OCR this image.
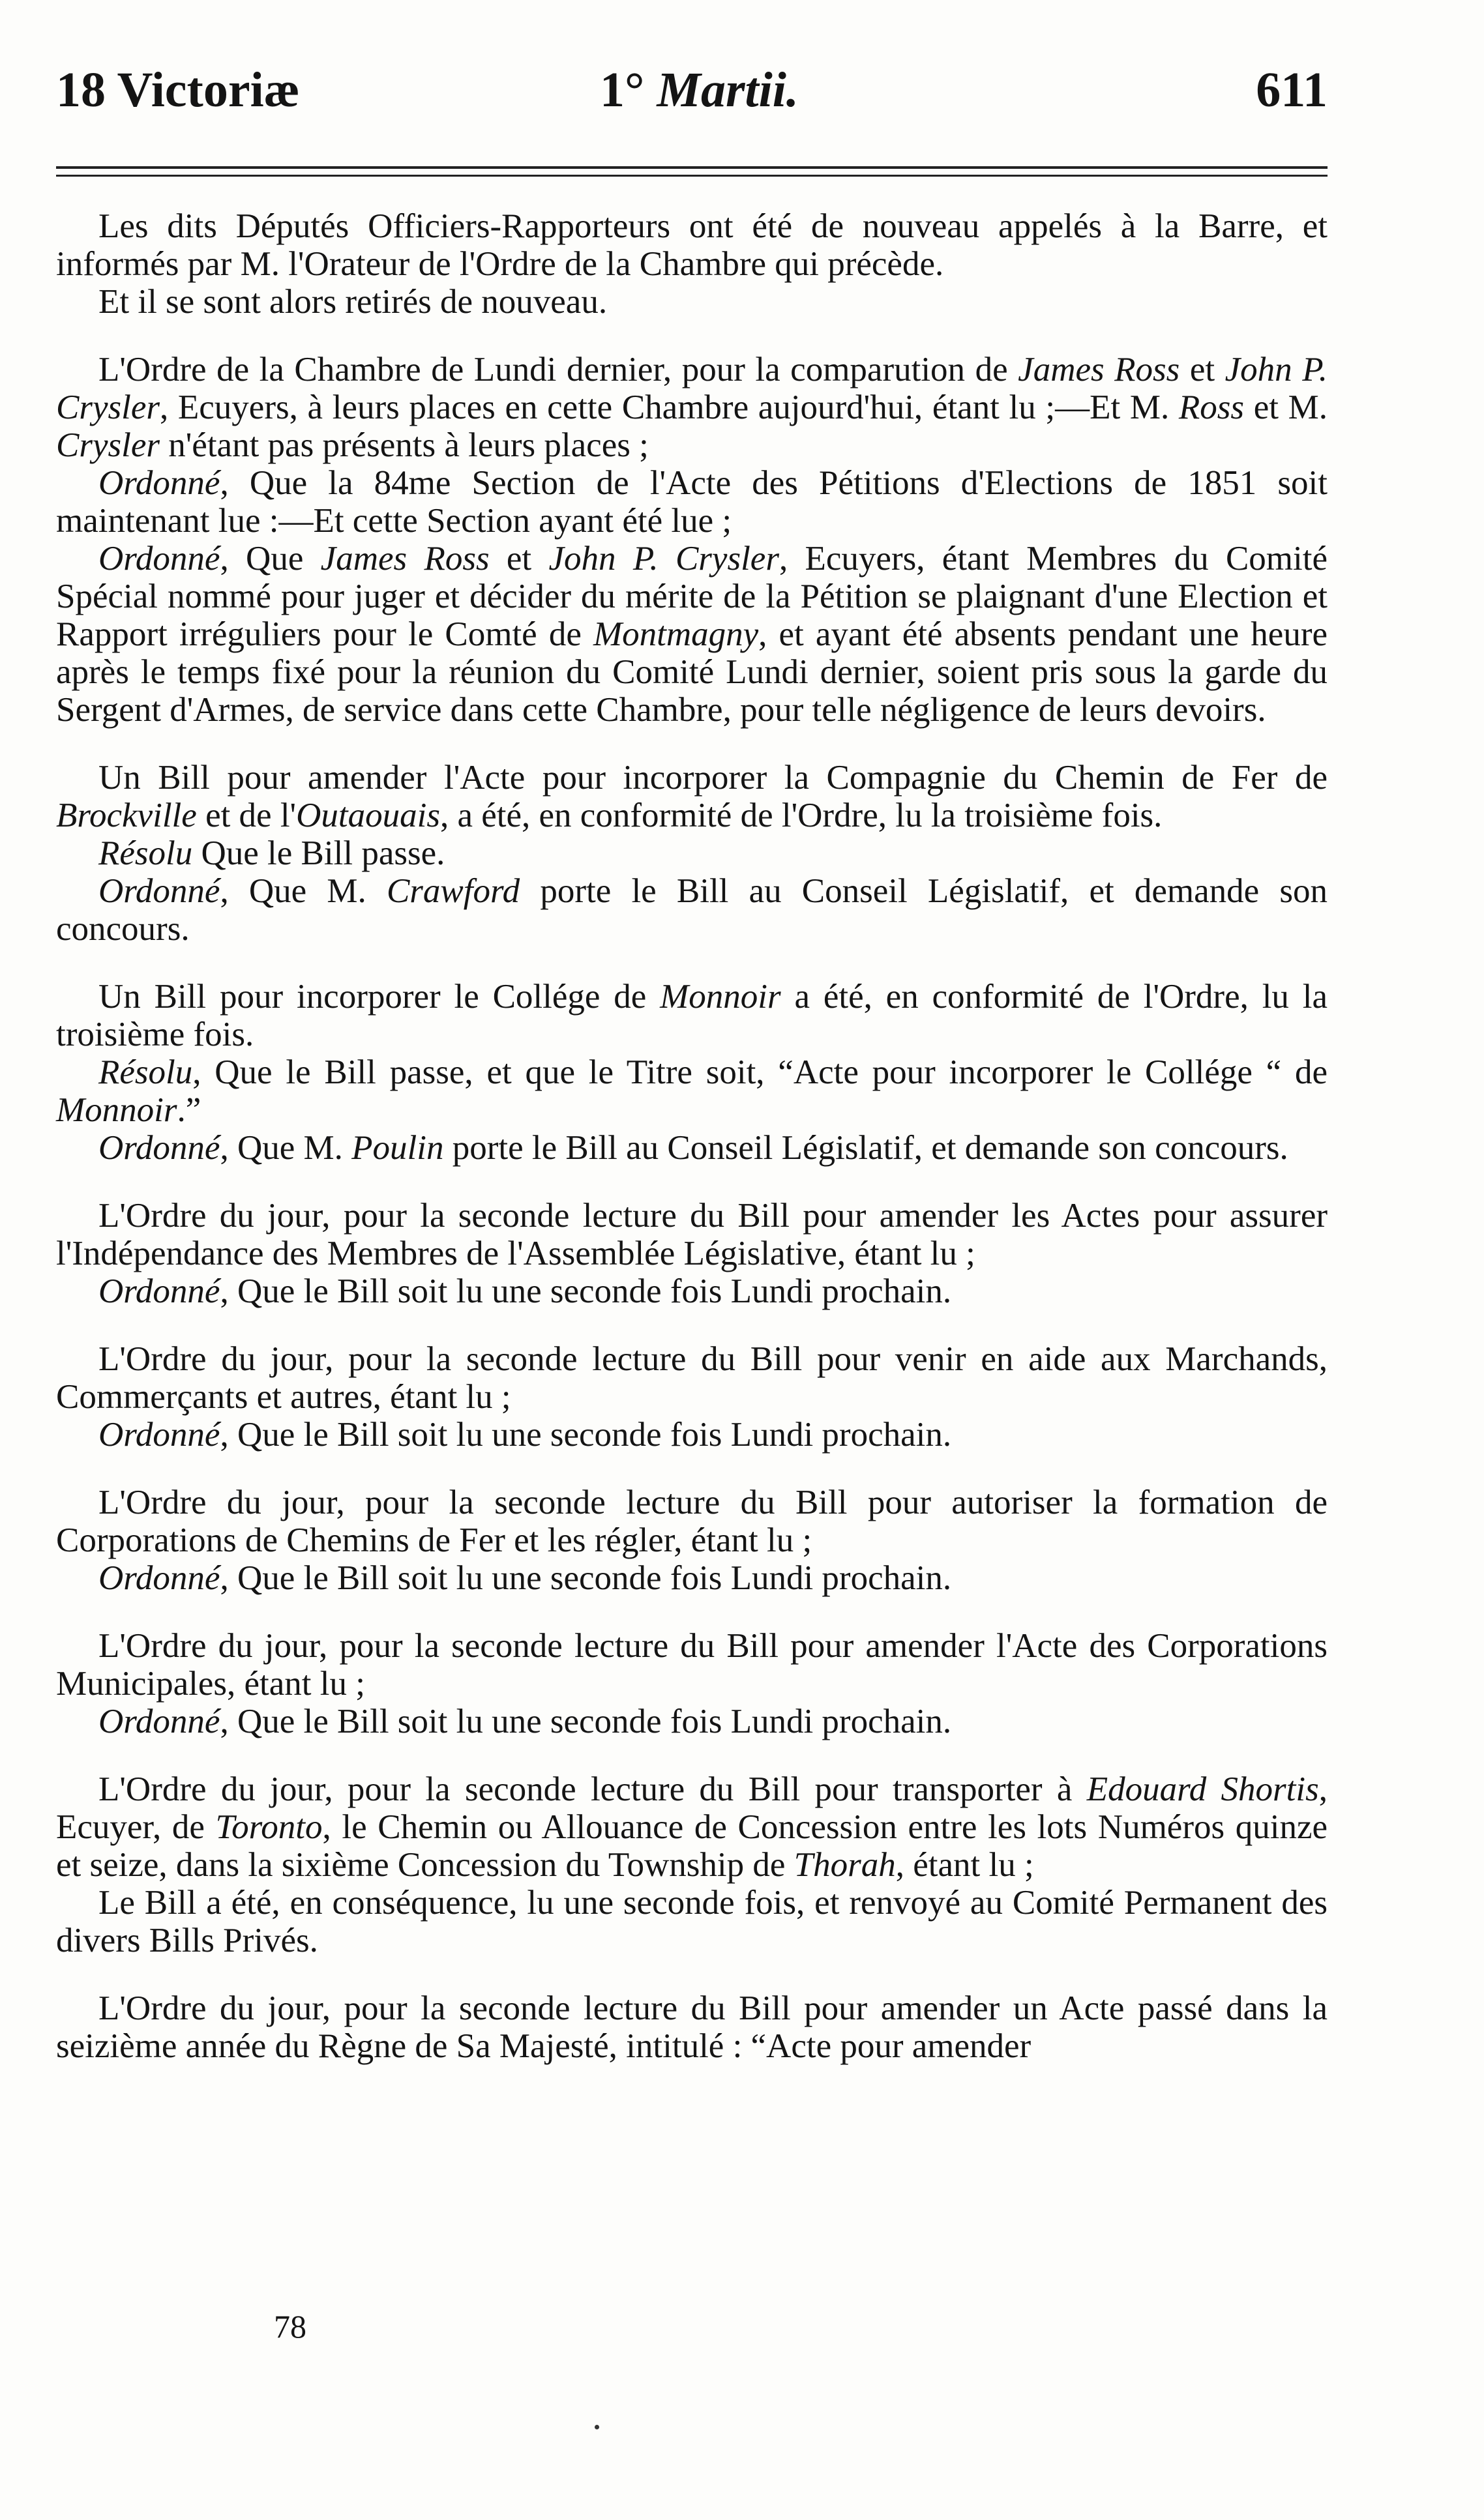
18 Victoriæ	1° Martii.	611

Les dits Députés Officiers-Rapporteurs ont été de nouveau appelés à la Barre, et informés par M. l'Orateur de l'Ordre de la Chambre qui précède.

Et il se sont alors retirés de nouveau.

L'Ordre de la Chambre de Lundi dernier, pour la comparution de James Ross et John P. Crysler, Ecuyers, à leurs places en cette Chambre aujourd'hui, étant lu ;—Et M. Ross et M. Crysler n'étant pas présents à leurs places ;

Ordonné, Que la 84me Section de l'Acte des Pétitions d'Elections de 1851 soit maintenant lue :—Et cette Section ayant été lue ;

Ordonné, Que James Ross et John P. Crysler, Ecuyers, étant Membres du Comité Spécial nommé pour juger et décider du mérite de la Pétition se plaignant d'une Election et Rapport irréguliers pour le Comté de Montmagny, et ayant été absents pendant une heure après le temps fixé pour la réunion du Comité Lundi dernier, soient pris sous la garde du Sergent d'Armes, de service dans cette Chambre, pour telle négligence de leurs devoirs.

Un Bill pour amender l'Acte pour incorporer la Compagnie du Chemin de Fer de Brockville et de l'Outaouais, a été, en conformité de l'Ordre, lu la troisième fois.

Résolu Que le Bill passe.

Ordonné, Que M. Crawford porte le Bill au Conseil Législatif, et demande son concours.

Un Bill pour incorporer le Collége de Monnoir a été, en conformité de l'Ordre, lu la troisième fois.

Résolu, Que le Bill passe, et que le Titre soit, “Acte pour incorporer le Collége “ de Monnoir.”

Ordonné, Que M. Poulin porte le Bill au Conseil Législatif, et demande son concours.

L'Ordre du jour, pour la seconde lecture du Bill pour amender les Actes pour assurer l'Indépendance des Membres de l'Assemblée Législative, étant lu ;

Ordonné, Que le Bill soit lu une seconde fois Lundi prochain.

L'Ordre du jour, pour la seconde lecture du Bill pour venir en aide aux Marchands, Commerçants et autres, étant lu ;

Ordonné, Que le Bill soit lu une seconde fois Lundi prochain.

L'Ordre du jour, pour la seconde lecture du Bill pour autoriser la formation de Corporations de Chemins de Fer et les régler, étant lu ;

Ordonné, Que le Bill soit lu une seconde fois Lundi prochain.

L'Ordre du jour, pour la seconde lecture du Bill pour amender l'Acte des Corporations Municipales, étant lu ;

Ordonné, Que le Bill soit lu une seconde fois Lundi prochain.

L'Ordre du jour, pour la seconde lecture du Bill pour transporter à Edouard Shortis, Ecuyer, de Toronto, le Chemin ou Allouance de Concession entre les lots Numéros quinze et seize, dans la sixième Concession du Township de Thorah, étant lu ;

Le Bill a été, en conséquence, lu une seconde fois, et renvoyé au Comité Permanent des divers Bills Privés.

L'Ordre du jour, pour la seconde lecture du Bill pour amender un Acte passé dans la seizième année du Règne de Sa Majesté, intitulé : “Acte pour amender

78
